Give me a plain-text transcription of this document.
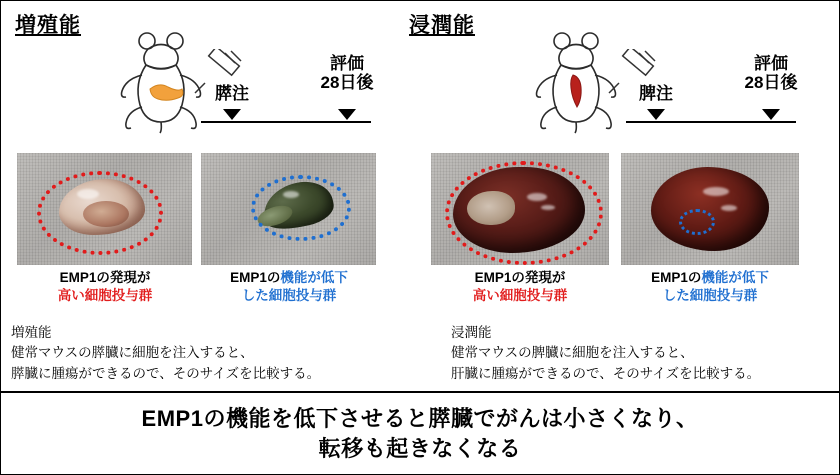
増殖能
膵注
評価
28日後
EMP1の発現が
高い細胞投与群
EMP1の機能が低下
した細胞投与群
増殖能
健常マウスの膵臓に細胞を注入すると、
膵臓に腫瘍ができるので、そのサイズを比較する。
浸潤能
脾注
評価
28日後
EMP1の発現が
高い細胞投与群
EMP1の機能が低下
した細胞投与群
浸潤能
健常マウスの脾臓に細胞を注入すると、
肝臓に腫瘍ができるので、そのサイズを比較する。
EMP1の機能を低下させると膵臓でがんは小さくなり、
転移も起きなくなる
